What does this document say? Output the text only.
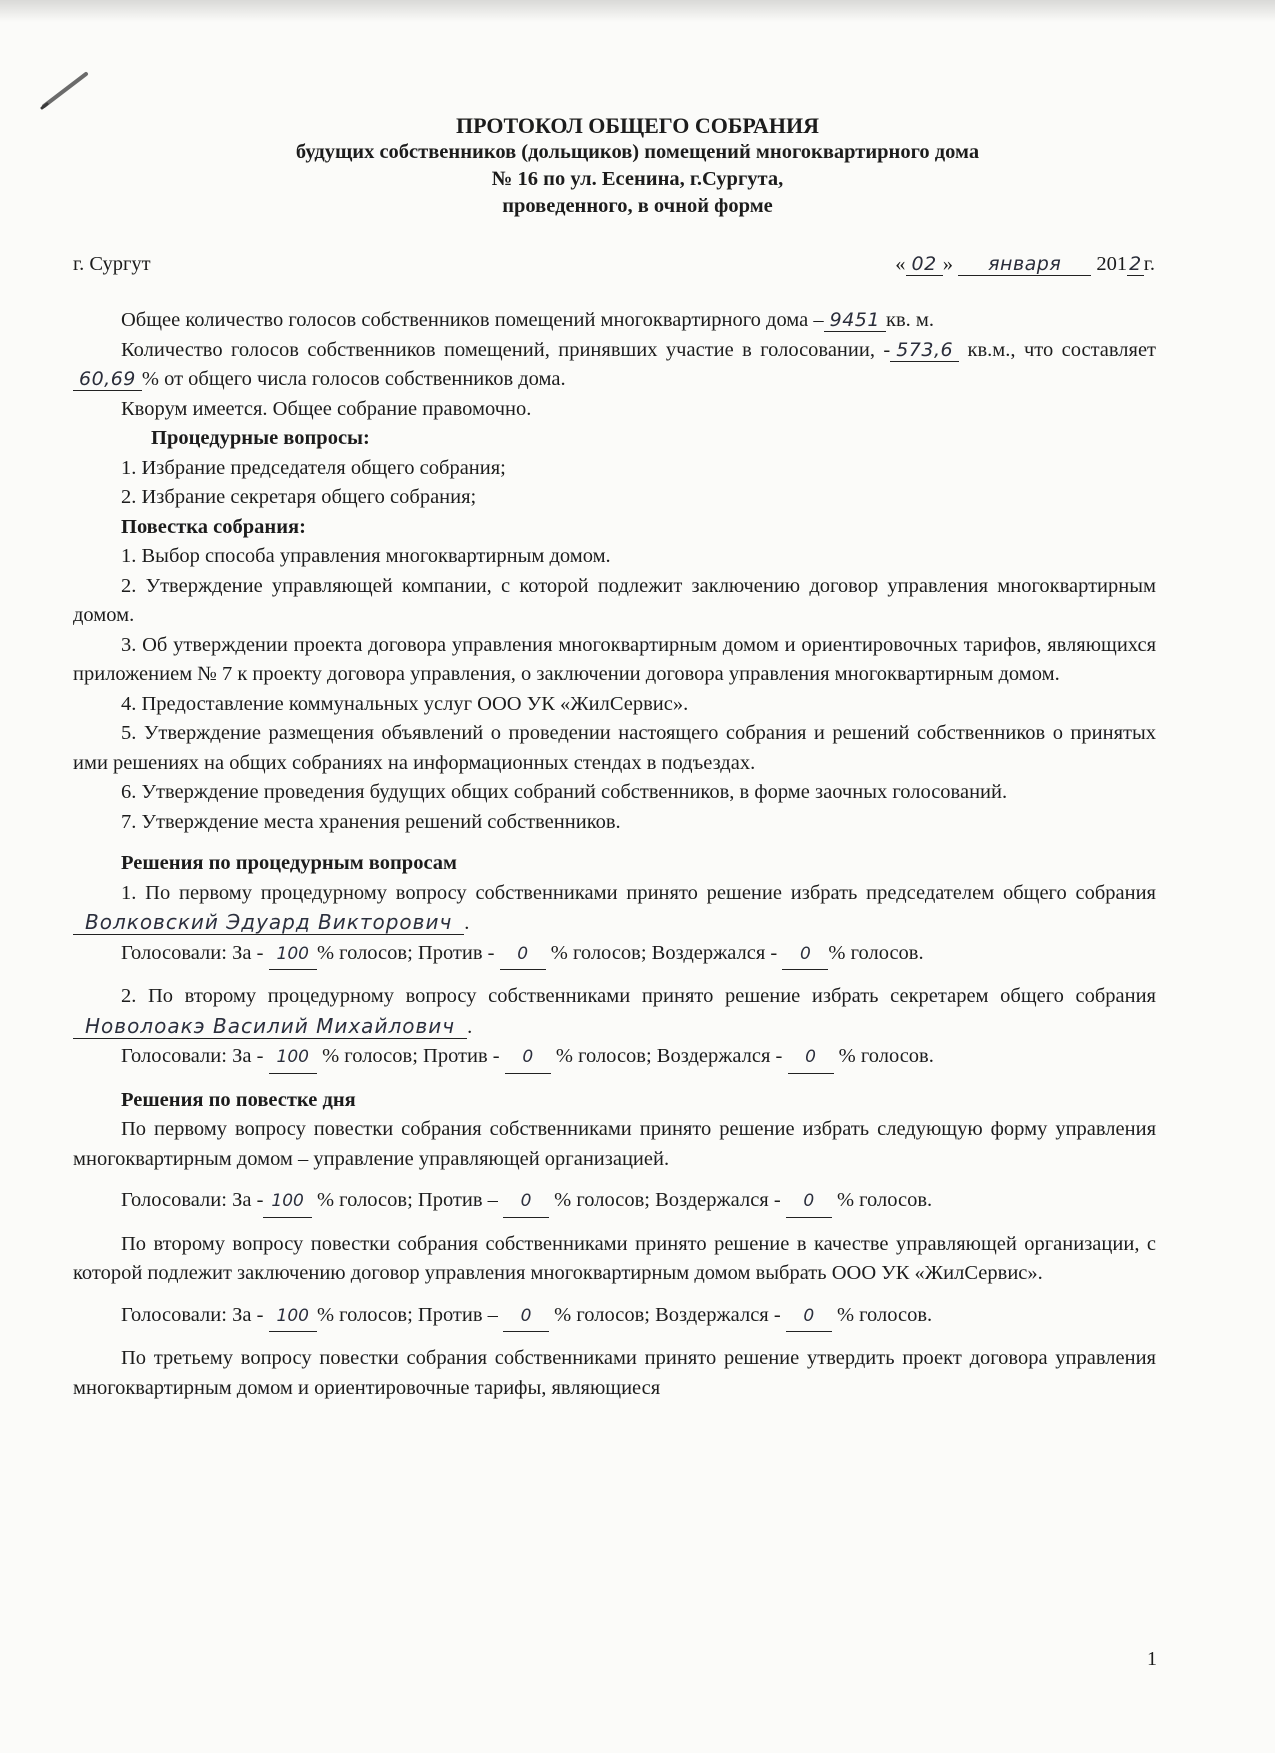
ПРОТОКОЛ ОБЩЕГО СОБРАНИЯ
будущих собственников (дольщиков) помещений многоквартирного дома
№ 16 по ул. Есенина, г.Сургута,
проведенного, в очной форме
г. Сургут	« 02 » января 201 2г.

Общее количество голосов собственников помещений многоквартирного дома – 9451 кв. м.

Количество голосов собственников помещений, принявших участие в голосовании, - 573,6 кв.м., что составляет 60,69 % от общего числа голосов собственников дома.

Кворум имеется. Общее собрание правомочно.

Процедурные вопросы:

1. Избрание председателя общего собрания;

2. Избрание секретаря общего собрания;

Повестка собрания:

1. Выбор способа управления многоквартирным домом.

2. Утверждение управляющей компании, с которой подлежит заключению договор управления многоквартирным домом.

3. Об утверждении проекта договора управления многоквартирным домом и ориентировочных тарифов, являющихся приложением № 7 к проекту договора управления, о заключении договора управления многоквартирным домом.

4. Предоставление коммунальных услуг ООО УК «ЖилСервис».

5. Утверждение размещения объявлений о проведении настоящего собрания и решений собственников о принятых ими решениях на общих собраниях на информационных стендах в подъездах.

6. Утверждение проведения будущих общих собраний собственников, в форме заочных голосований.

7. Утверждение места хранения решений собственников.

Решения по процедурным вопросам

1. По первому процедурному вопросу собственниками принято решение избрать председателем общего собрания Волковский Эдуард Викторович .

Голосовали: За - 100 % голосов; Против - 0 % голосов; Воздержался - 0 % голосов.

2. По второму процедурному вопросу собственниками принято решение избрать секретарем общего собрания Новолоакэ Василий Михайлович .

Голосовали: За - 100 % голосов; Против - 0 % голосов; Воздержался - 0 % голосов.

Решения по повестке дня

По первому вопросу повестки собрания собственниками принято решение избрать следующую форму управления многоквартирным домом – управление управляющей организацией.

Голосовали: За - 100 % голосов; Против – 0 % голосов; Воздержался - 0 % голосов.

По второму вопросу повестки собрания собственниками принято решение в качестве управляющей организации, с которой подлежит заключению договор управления многоквартирным домом выбрать ООО УК «ЖилСервис».

Голосовали: За - 100 % голосов; Против – 0 % голосов; Воздержался - 0 % голосов.

По третьему вопросу повестки собрания собственниками принято решение утвердить проект договора управления многоквартирным домом и ориентировочные тарифы, являющиеся

1
